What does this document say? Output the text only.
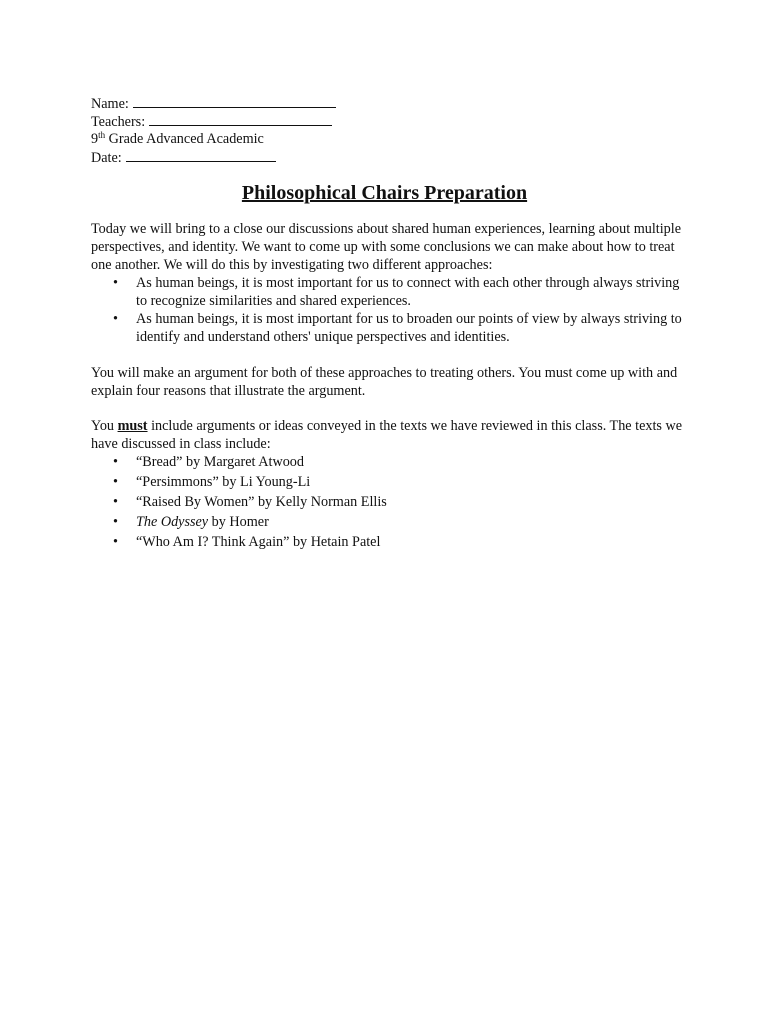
Name:
Teachers:
9th Grade Advanced Academic
Date:
Philosophical Chairs Preparation

Today we will bring to a close our discussions about shared human experiences, learning about multiple perspectives, and identity. We want to come up with some conclusions we can make about how to treat one another. We will do this by investigating two different approaches:

• As human beings, it is most important for us to connect with each other through always striving to recognize similarities and shared experiences.
• As human beings, it is most important for us to broaden our points of view by always striving to identify and understand others' unique perspectives and identities.

You will make an argument for both of these approaches to treating others. You must come up with and explain four reasons that illustrate the argument.

You must include arguments or ideas conveyed in the texts we have reviewed in this class. The texts we have discussed in class include:

• “Bread” by Margaret Atwood
• “Persimmons” by Li Young-Li
• “Raised By Women” by Kelly Norman Ellis
• The Odyssey by Homer
• “Who Am I? Think Again” by Hetain Patel
